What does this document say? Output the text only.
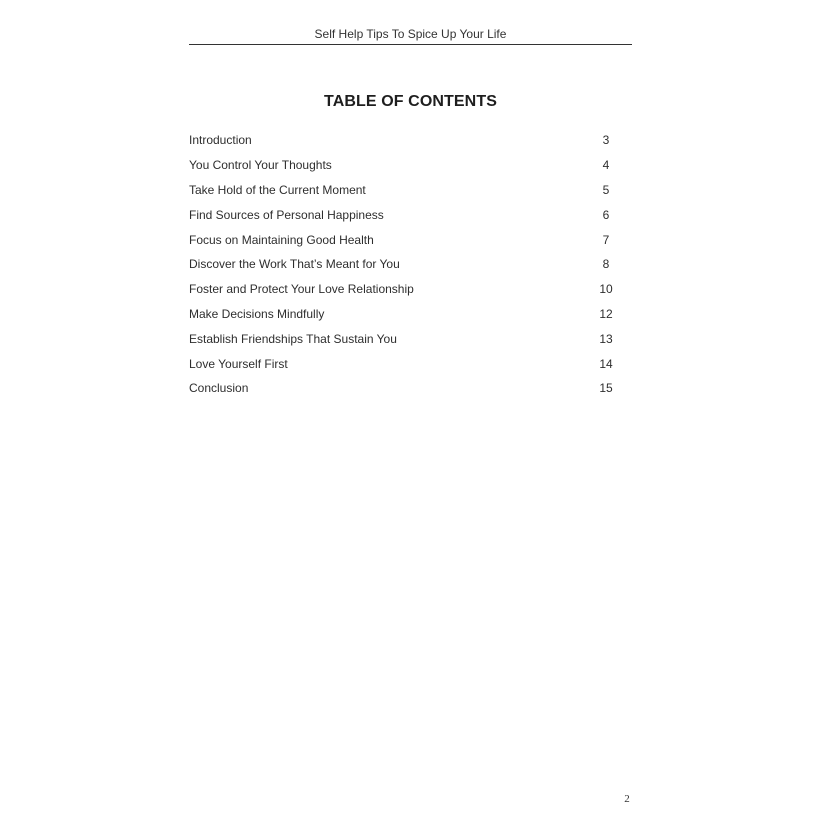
Self Help Tips To Spice Up Your Life
TABLE OF CONTENTS
Introduction	3
You Control Your Thoughts	4
Take Hold of the Current Moment	5
Find Sources of Personal Happiness	6
Focus on Maintaining Good Health	7
Discover the Work That’s Meant for You	8
Foster and Protect Your Love Relationship	10
Make Decisions Mindfully	12
Establish Friendships That Sustain You	13
Love Yourself First	14
Conclusion	15
2
